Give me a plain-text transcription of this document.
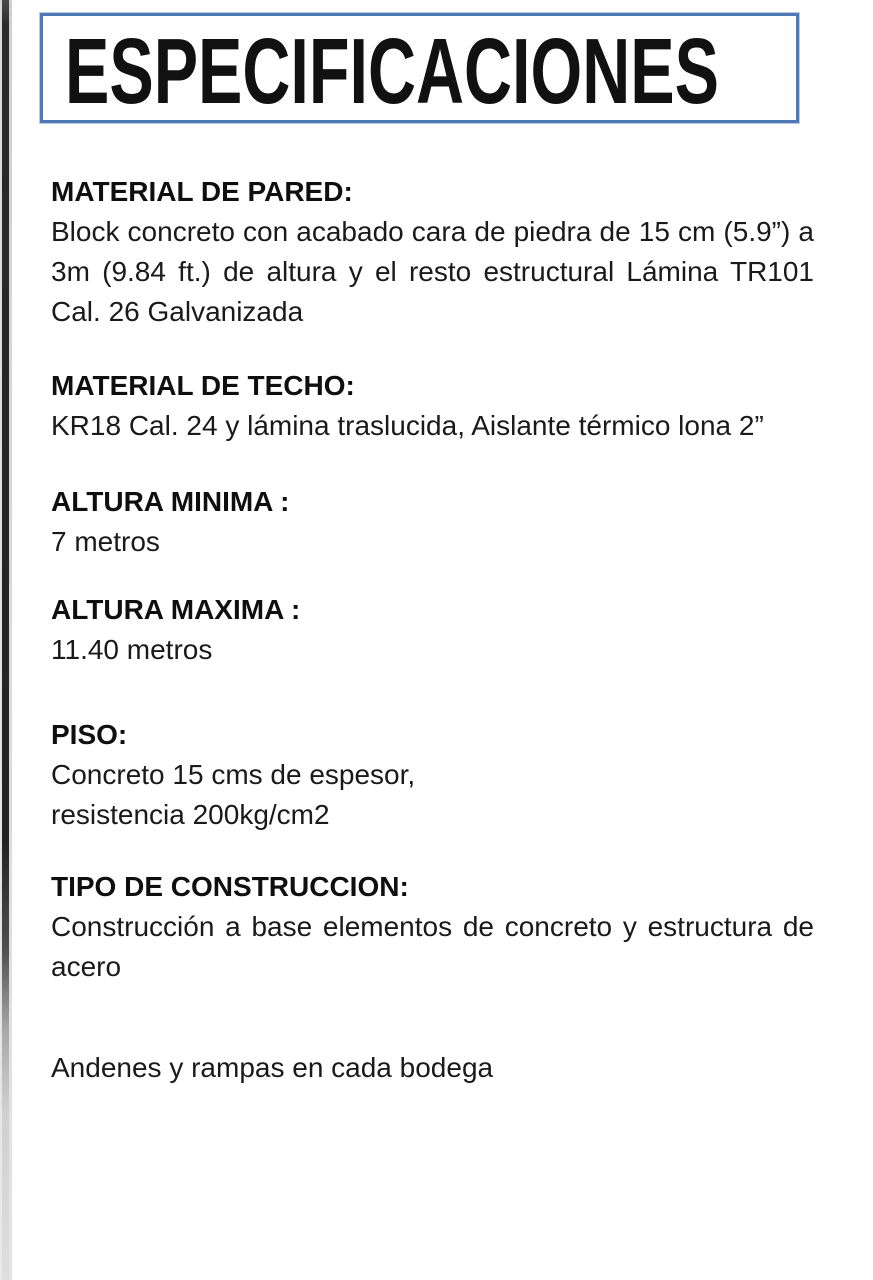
ESPECIFICACIONES
MATERIAL DE PARED:

Block concreto con acabado cara de piedra de 15 cm (5.9”) a

3m (9.84 ft.) de altura y el resto estructural Lámina TR101

Cal. 26 Galvanizada

MATERIAL DE TECHO:

KR18 Cal. 24 y lámina traslucida, Aislante térmico lona 2”

ALTURA MINIMA :

7 metros

ALTURA MAXIMA :

11.40 metros

PISO:

Concreto 15 cms de espesor,

resistencia 200kg/cm2

TIPO DE CONSTRUCCION:

Construcción a base elementos de concreto y estructura de

acero

Andenes y rampas en cada bodega
